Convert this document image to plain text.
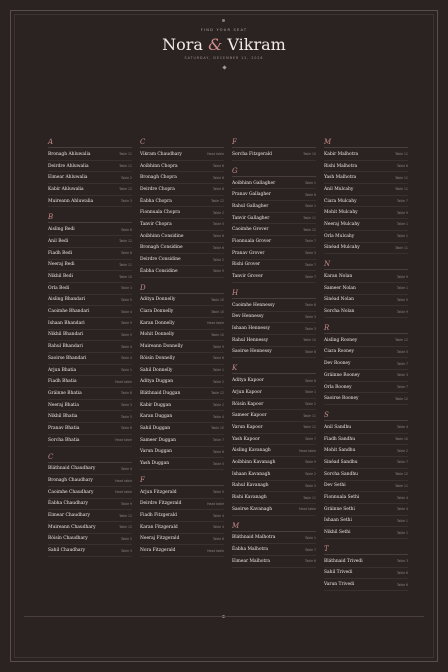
FIND YOUR SEAT
Nora & Vikram
SATURDAY, DECEMBER 12, 2026
A
Bronagh Ahluwalia	Table 11
Deirdre Ahluwalia	Table 11
Eimear Ahluwalia	Table 2
Kabir Ahluwalia	Table 12
Muireann Ahluwalia	Table 3
B
Aisling Bedi	Table 6
Anil Bedi	Table 12
Fiadh Bedi	Table 8
Neeraj Bedi	Table 11
Nikhil Bedi	Table 10
Orla Bedi	Table 3
Aisling Bhandari	Table 5
Caoimhe Bhandari	Table 4
Ishaan Bhandari	Table 9
Nikhil Bhandari	Table 9
Rahul Bhandari	Table 4
Saoirse Bhandari	Table 4
Arjun Bhatia	Table 1
Fiadh Bhatia	Head table
Gráinne Bhatia	Table 8
Neeraj Bhatia	Table 3
Nikhil Bhatia	Table 5
Pranav Bhatia	Table 6
Sorcha Bhatia	Head table
C
Bláthnaid Chaudhary	Table 4
Bronagh Chaudhary	Head table
Caoimhe Chaudhary	Head table
Éabha Chaudhary	Table 9
Eimear Chaudhary	Table 12
Muireann Chaudhary	Table 12
Róisín Chaudhary	Table 5
Sahil Chaudhary	Table 3
C
Vikram Chaudhary	Head table
Aoibhinn Chopra	Table 6
Bronagh Chopra	Table 8
Deirdre Chopra	Table 8
Éabha Chopra	Table 12
Fionnuala Chopra	Table 2
Tanvir Chopra	Table 5
Aoibhinn Considine	Table 6
Bronagh Considine	Table 6
Deirdre Considine	Table 2
Éabha Considine	Table 9
D
Aditya Donnelly	Table 10
Ciara Donnelly	Table 10
Karan Donnelly	Head table
Mohit Donnelly	Table 10
Muireann Donnelly	Table 9
Róisín Donnelly	Table 6
Sahil Donnelly	Table 1
Aditya Duggan	Table 2
Bláthnaid Duggan	Table 12
Kabir Duggan	Table 2
Karan Duggan	Table 4
Sahil Duggan	Table 10
Sameer Duggan	Table 7
Varun Duggan	Table 8
Yash Duggan	Table 5
F
Arjun Fitzgerald	Table 5
Deirdre Fitzgerald	Head table
Fiadh Fitzgerald	Table 4
Karan Fitzgerald	Table 4
Neeraj Fitzgerald	Table 6
Nora Fitzgerald	Head table
F
Sorcha Fitzgerald	Table 10
G
Aoibhinn Gallagher	Table 1
Pranav Gallagher	Table 6
Rahul Gallagher	Table 1
Tanvir Gallagher	Table 11
Caoimhe Grover	Table 12
Fionnuala Grover	Table 7
Pranav Grover	Table 3
Rishi Grover	Table 7
Tanvir Grover	Table 7
H
Caoimhe Hennessy	Table 8
Dev Hennessy	Table 3
Ishaan Hennessy	Table 3
Rahul Hennessy	Table 10
Saoirse Hennessy	Table 8
K
Aditya Kapoor	Table 8
Arjun Kapoor	Table 1
Róisín Kapoor	Table 2
Sameer Kapoor	Table 11
Varun Kapoor	Table 12
Yash Kapoor	Table 7
Aisling Kavanagh	Head table
Aoibhinn Kavanagh	Table 9
Ishaan Kavanagh	Table 2
Rahul Kavanagh	Table 5
Rishi Kavanagh	Table 11
Saoirse Kavanagh	Head table
M
Bláthnaid Malhotra	Table 1
Éabha Malhotra	Table 7
Eimear Malhotra	Table 6
M
Kabir Malhotra	Table 11
Rishi Malhotra	Table 8
Yash Malhotra	Table 11
Anil Mulcahy	Table 11
Ciara Mulcahy	Table 7
Mohit Mulcahy	Table 9
Neeraj Mulcahy	Table 1
Orla Mulcahy	Table 1
Sinéad Mulcahy	Table 11
N
Karan Nolan	Table 9
Sameer Nolan	Table 1
Sinéad Nolan	Table 5
Sorcha Nolan	Table 9
R
Aisling Rooney	Table 12
Ciara Rooney	Table 5
Dev Rooney	Table 7
Gráinne Rooney	Table 3
Orla Rooney	Table 7
Saoirse Rooney	Table 12
S
Anil Sandhu	Table 4
Fiadh Sandhu	Table 10
Mohit Sandhu	Table 2
Sinéad Sandhu	Table 7
Sorcha Sandhu	Table 12
Dev Sethi	Table 11
Fionnuala Sethi	Table 4
Gráinne Sethi	Table 4
Ishaan Sethi	Table 1
Nikhil Sethi	Table 1
T
Bláthnaid Trivedi	Table 3
Sahil Trivedi	Table 6
Varun Trivedi	Table 6
